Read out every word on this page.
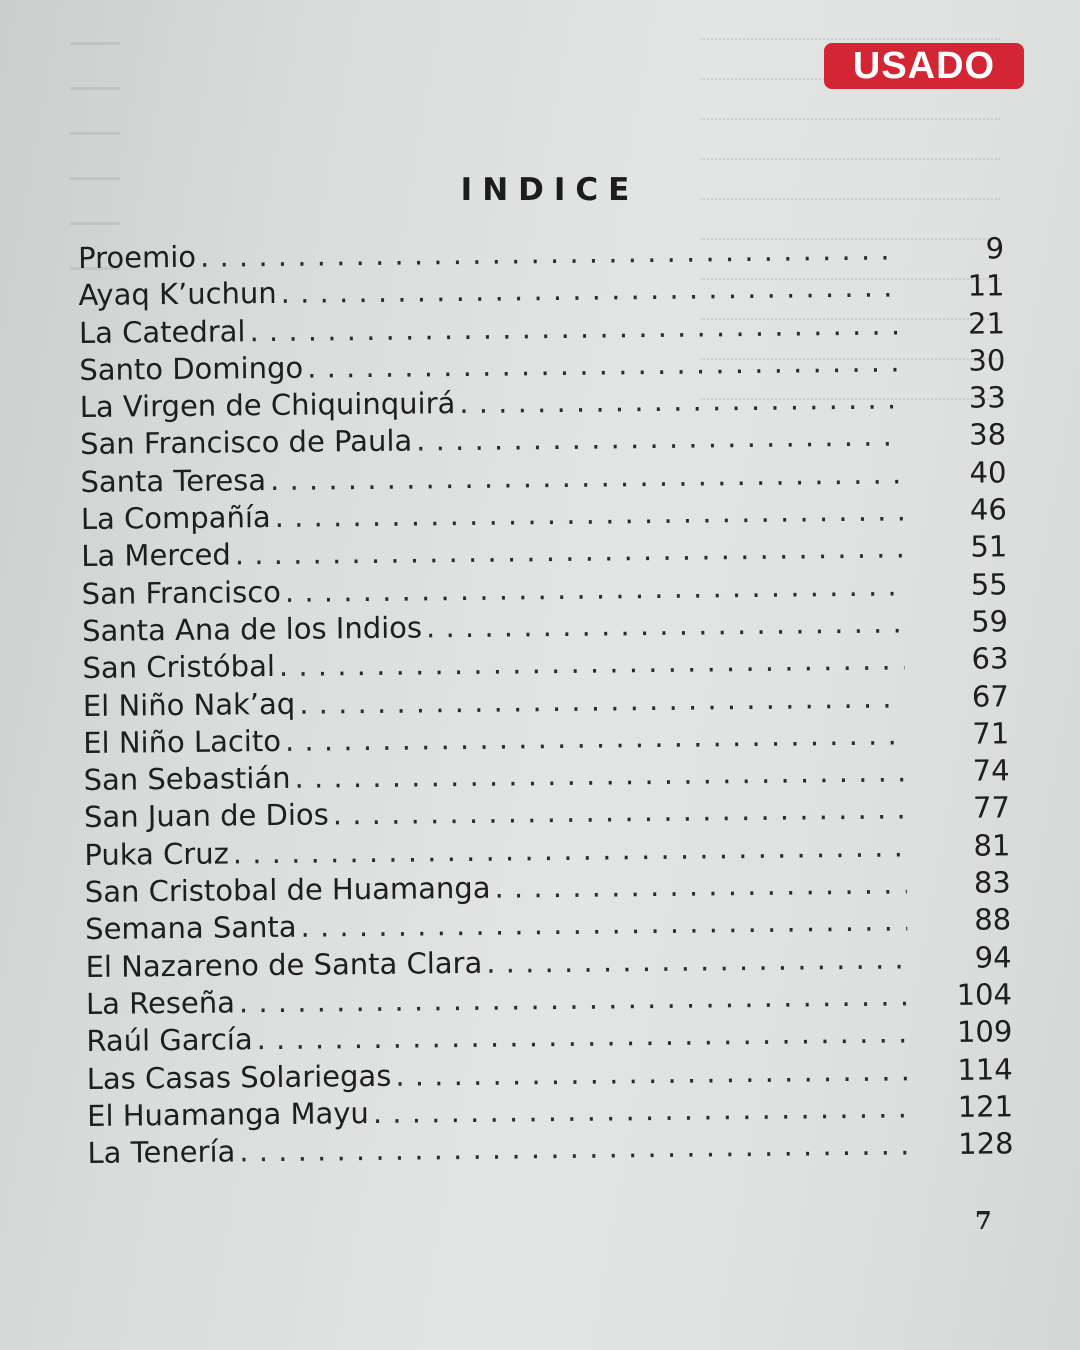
USADO
INDICE
Proemio . . .	9
Ayaq K’uchun . . .	11
La Catedral . . .	21
Santo Domingo . . .	30
La Virgen de Chiquinquirá . . .	33
San Francisco de Paula . . .	38
Santa Teresa . . .	40
La Compañía . . .	46
La Merced . . .	51
San Francisco . . .	55
Santa Ana de los Indios . . .	59
San Cristóbal . . .	63
El Niño Nak’aq . . .	67
El Niño Lacito . . .	71
San Sebastián . . .	74
San Juan de Dios . . .	77
Puka Cruz . . .	81
San Cristobal de Huamanga . . .	83
Semana Santa . . .	88
El Nazareno de Santa Clara . . .	94
La Reseña . . .	104
Raúl García . . .	109
Las Casas Solariegas . . .	114
El Huamanga Mayu . . .	121
La Tenería . . .	128
7
